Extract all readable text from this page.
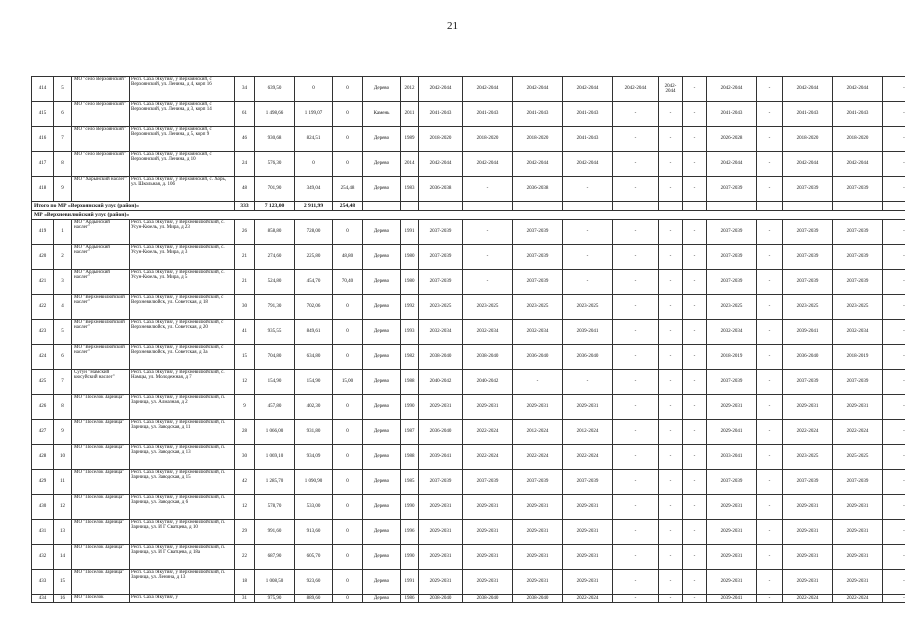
21
414	5	МО "село Верхоянский"	Респ. Саха /Якутия/, у Верхоянский, с Верхоянский, ул. Ленина, д 4, корп 16	34	639,50	0	0	Дерево	2012	2042-2044	2042-2044	2042-2044	2042-2044	2042-2044	2042-2044	-	2042-2044	-	2042-2044	2042-2044	-
415	6	МО "село Верхоянский"	Респ. Саха /Якутия/, у Верхоянский, с Верхоянский, ул. Ленина, д 3, корп 14	61	1 498,66	1 199,07	0	Камень	2011	2041-2043	2041-2043	2041-2043	2041-2043	-	-	-	2041-2043	-	2041-2043	2041-2043	-
416	7	МО "село Верхоянский"	Респ. Саха /Якутия/, у Верхоянский, с Верхоянский, ул. Ленина, д 5, корп 9	46	930,68	824,51	0	Дерево	1989	2018-2020	2018-2020	2018-2020	2041-2043	-	-	-	2026-2028	-	2018-2020	2018-2020	-
417	8	МО "село Верхоянский"	Респ. Саха /Якутия/, у Верхоянский, с Верхоянский, ул. Ленина, д 10	24	576,30	0	0	Дерево	2014	2042-2044	2042-2044	2042-2044	2042-2044	-	-	-	2042-2044	-	2042-2044	2042-2044	-
418	9	МО "Хорынский наслег"	Респ. Саха /Якутия/, у Верхоянский, с. Хорь, ул. Школьная, д. 10б	48	701,90	349,04	254,48	Дерево	1983	2036-2038	-	2036-2038	-	-	-	-	2037-2039	-	2037-2039	2037-2039	-
Итого по МР «Верхоянский улус (район)»				333	7 123,00	2 911,99	254,48														
МР «Верхневилюйский улус (район)»																					
419	1	МО "Ардынский наслег"	Респ. Саха /Якутия/, у Верхневилюйский, с. Усун-Кюель, ул. Мира, д 23	26	858,80	728,00	0	Дерево	1991	2037-2039	-	2037-2039	-	-	-	-	2037-2039	-	2037-2039	2037-2039	-
420	2	МО "Ардынский наслег"	Респ. Саха /Якутия/, у Верхневилюйский, с. Усун-Кюель, ул. Мира, д 3	21	274,60	225,80	48,80	Дерево	1980	2037-2039	-	2037-2039	-	-	-	-	2037-2039	-	2037-2039	2037-2039	-
421	3	МО "Ардынский наслег"	Респ. Саха /Якутия/, у Верхневилюйский, с. Усун-Кюель, ул. Мира, д 5	21	524,80	454,70	70,40	Дерево	1980	2037-2039	-	2037-2039	-	-	-	-	2037-2039	-	2037-2039	2037-2039	-
422	4	МО "Верхневилюйский наслег"	Респ. Саха /Якутия/, у Верхневилюйский, с Верхневилюйск, ул. Советская, д 18	30	791,30	702,06	0	Дерево	1992	2023-2025	2023-2025	2023-2025	2023-2025	-	-	-	2023-2025	-	2023-2025	2023-2025	-
423	5	МО "Верхневилюйский наслег"	Респ. Саха /Якутия/, у Верхневилюйский, с Верхневилюйск, ул. Советская, д 20	41	935,55	849,61	0	Дерево	1993	2032-2034	2032-2034	2032-2034	2039-2041	-	-	-	2032-2034	-	2039-2041	2032-2034	-
424	6	МО "Верхневилюйский наслег"	Респ. Саха /Якутия/, у Верхневилюйский, с Верхневилюйск, ул. Советская, д 3а	15	704,80	634,80	0	Дерево	1982	2038-2040	2038-2040	2036-2040	2036-2040	-	-	-	2018-2019	-	2036-2040	2018-2019	-
425	7	Сугун "Намский кюсуйский наслег"	Респ. Саха /Якутия/, у Верхневилюйский, с. Намцы, ул. Молодежная, д 7	12	154,90	154,90	15,00	Дерево	1988	2040-2042	2040-2042	-	-	-	-	-	2037-2039	-	2037-2039	2037-2039	-
426	8	МО "Поселок Зарница"	Респ. Саха /Якутия/, у Верхневилюйский, п. Зарница, ул. Алмазная, д 2	9	457,80	402,30	0	Дерево	1990	2029-2031	2029-2031	2029-2031	2029-2031	-	-	-	2029-2031	-	2029-2031	2029-2031	-
427	9	МО "Поселок Зарница"	Респ. Саха /Якутия/, у Верхневилюйский, п. Зарница, ул. Заводская, д 11	28	1 066,00	931,80	0	Дерево	1987	2036-2040	2022-2024	2012-2024	2012-2024	-	-	-	2029-2041	-	2022-2024	2022-2024	-
428	10	МО "Поселок Зарница"	Респ. Саха /Якутия/, у Верхневилюйский, п. Зарница, ул. Заводская, д 13	30	1 069,10	934,09	0	Дерево	1988	2039-2041	2022-2024	2022-2024	2022-2024	-	-	-	2033-2041	-	2023-2025	2025-2025	-
429	11	МО "Поселок Зарница"	Респ. Саха /Якутия/, у Верхневилюйский, п. Зарница, ул. Заводская, д 15	42	1 285,70	1 090,90	0	Дерево	1985	2037-2039	2037-2039	2037-2039	2037-2039	-	-	-	2037-2039	-	2037-2039	2037-2039	-
430	12	МО "Поселок Зарница"	Респ. Саха /Якутия/, у Верхневилюйский, п. Зарница, ул. Заводская, д 6	12	578,70	533,00	0	Дерево	1990	2029-2031	2029-2031	2029-2031	2029-2031	-	-	-	2029-2031	-	2029-2031	2029-2031	-
431	13	МО "Поселок Зарница"	Респ. Саха /Якутия/, у Верхневилюйский, п. Зарница, ул. И Г Сватцева, д 10	29	991,60	913,60	0	Дерево	1996	2029-2031	2029-2031	2029-2031	2029-2031	-	-	-	2029-2031	-	2029-2031	2029-2031	-
432	14	МО "Поселок Зарница"	Респ. Саха /Якутия/, у Верхневилюйский, п. Зарница, ул. И Г Сватцева, д 18а	22	687,90	605,70	0	Дерево	1990	2029-2031	2029-2031	2029-2031	2029-2031	-	-	-	2029-2031	-	2029-2031	2029-2031	-
433	15	МО "Поселок Зарница"	Респ. Саха /Якутия/, у Верхневилюйский, п. Зарница, ул. Ленина, д 13	18	1 008,50	923,60	0	Дерево	1991	2029-2031	2029-2031	2029-2031	2029-2031	-	-	-	2029-2031	-	2029-2031	2029-2031	-
434	16	МО "Поселок	Респ. Саха /Якутия/, у	31	975,90	889,60	0	Дерево	1986	2038-2040	2038-2040	2038-2040	2022-2024	-	-	-	2039-2041	-	2022-2024	2022-2024	-
